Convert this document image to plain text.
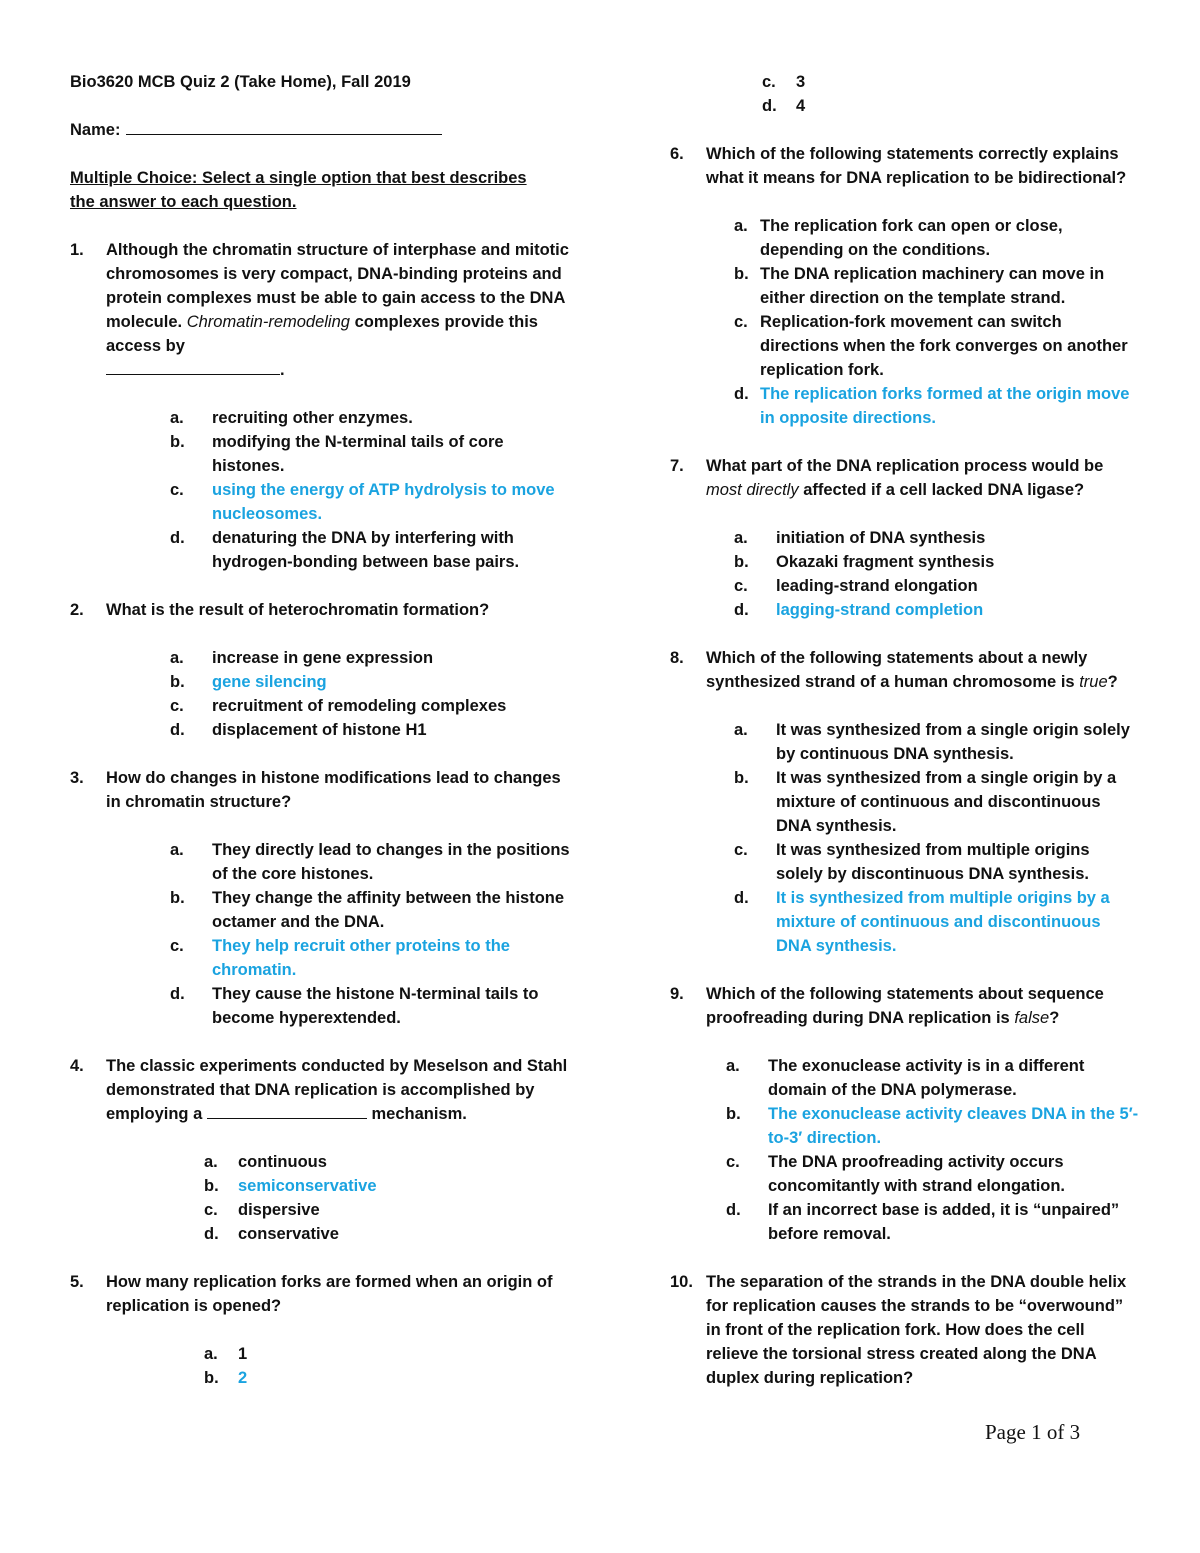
Bio3620 MCB Quiz 2 (Take Home), Fall 2019
Name:
Multiple Choice: Select a single option that best describes the answer to each question.
1.	Although the chromatin structure of interphase and mitotic chromosomes is very compact, DNA-binding proteins and protein complexes must be able to gain access to the DNA molecule. Chromatin-remodeling complexes provide this access by
.
a.	recruiting other enzymes.
b.	modifying the N-terminal tails of core histones.
c.	using the energy of ATP hydrolysis to move nucleosomes.
d.	denaturing the DNA by interfering with hydrogen-bonding between base pairs.
2.	What is the result of heterochromatin formation?
a.	increase in gene expression
b.	gene silencing
c.	recruitment of remodeling complexes
d.	displacement of histone H1
3.	How do changes in histone modifications lead to changes in chromatin structure?
a.	They directly lead to changes in the positions of the core histones.
b.	They change the affinity between the histone octamer and the DNA.
c.	They help recruit other proteins to the chromatin.
d.	They cause the histone N-terminal tails to become hyperextended.
4.	The classic experiments conducted by Meselson and Stahl demonstrated that DNA replication is accomplished by employing a	mechanism.
a.	continuous
b.	semiconservative
c.	dispersive
d.	conservative
5.	How many replication forks are formed when an origin of replication is opened?
a.	1
b.	2
c.	3
d.	4
6.	Which of the following statements correctly explains what it means for DNA replication to be bidirectional?
a. The replication fork can open or close, depending on the conditions.
b. The DNA replication machinery can move in either direction on the template strand.
c. Replication-fork movement can switch directions when the fork converges on another replication fork.
d. The replication forks formed at the origin move in opposite directions.
7.	What part of the DNA replication process would be most directly affected if a cell lacked DNA ligase?
a.	initiation of DNA synthesis
b.	Okazaki fragment synthesis
c.	leading-strand elongation
d.	lagging-strand completion
8.	Which of the following statements about a newly synthesized strand of a human chromosome is true?
a.	It was synthesized from a single origin solely by continuous DNA synthesis.
b.	It was synthesized from a single origin by a mixture of continuous and discontinuous DNA synthesis.
c.	It was synthesized from multiple origins solely by discontinuous DNA synthesis.
d.	It is synthesized from multiple origins by a mixture of continuous and discontinuous DNA synthesis.
9.	Which of the following statements about sequence proofreading during DNA replication is false?
a.	The exonuclease activity is in a different domain of the DNA polymerase.
b.	The exonuclease activity cleaves DNA in the 5′-to-3′ direction.
c.	The DNA proofreading activity occurs concomitantly with strand elongation.
d.	If an incorrect base is added, it is “unpaired” before removal.
10. The separation of the strands in the DNA double helix for replication causes the strands to be “overwound” in front of the replication fork. How does the cell relieve the torsional stress created along the DNA duplex during replication?
Page 1 of 3
